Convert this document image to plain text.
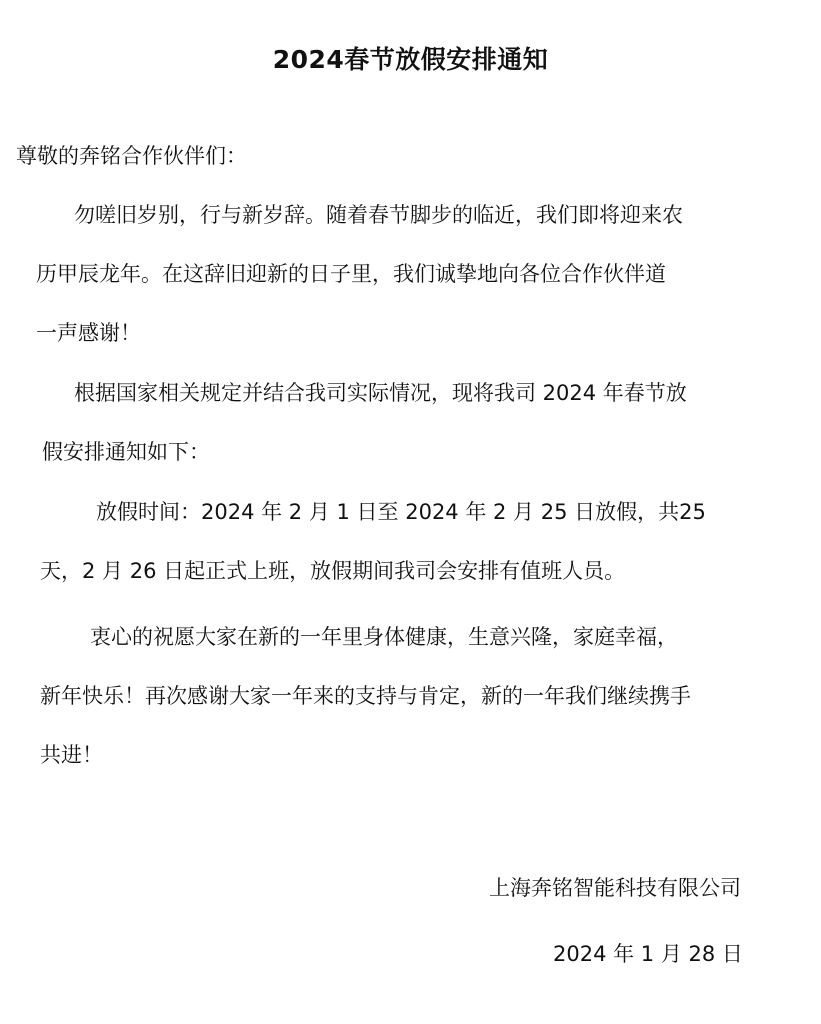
2024春节放假安排通知
尊敬的奔铭合作伙伴们：
勿嗟旧岁别，行与新岁辞。随着春节脚步的临近，我们即将迎来农
历甲辰龙年。在这辞旧迎新的日子里，我们诚挚地向各位合作伙伴道
一声感谢！
根据国家相关规定并结合我司实际情况，现将我司 2024 年春节放
假安排通知如下：
放假时间：2024 年 2 月 1 日至 2024 年 2 月 25 日放假，共25
天，2 月 26 日起正式上班，放假期间我司会安排有值班人员。
衷心的祝愿大家在新的一年里身体健康，生意兴隆，家庭幸福，
新年快乐！再次感谢大家一年来的支持与肯定，新的一年我们继续携手
共进！
上海奔铭智能科技有限公司
2024 年 1 月 28 日
